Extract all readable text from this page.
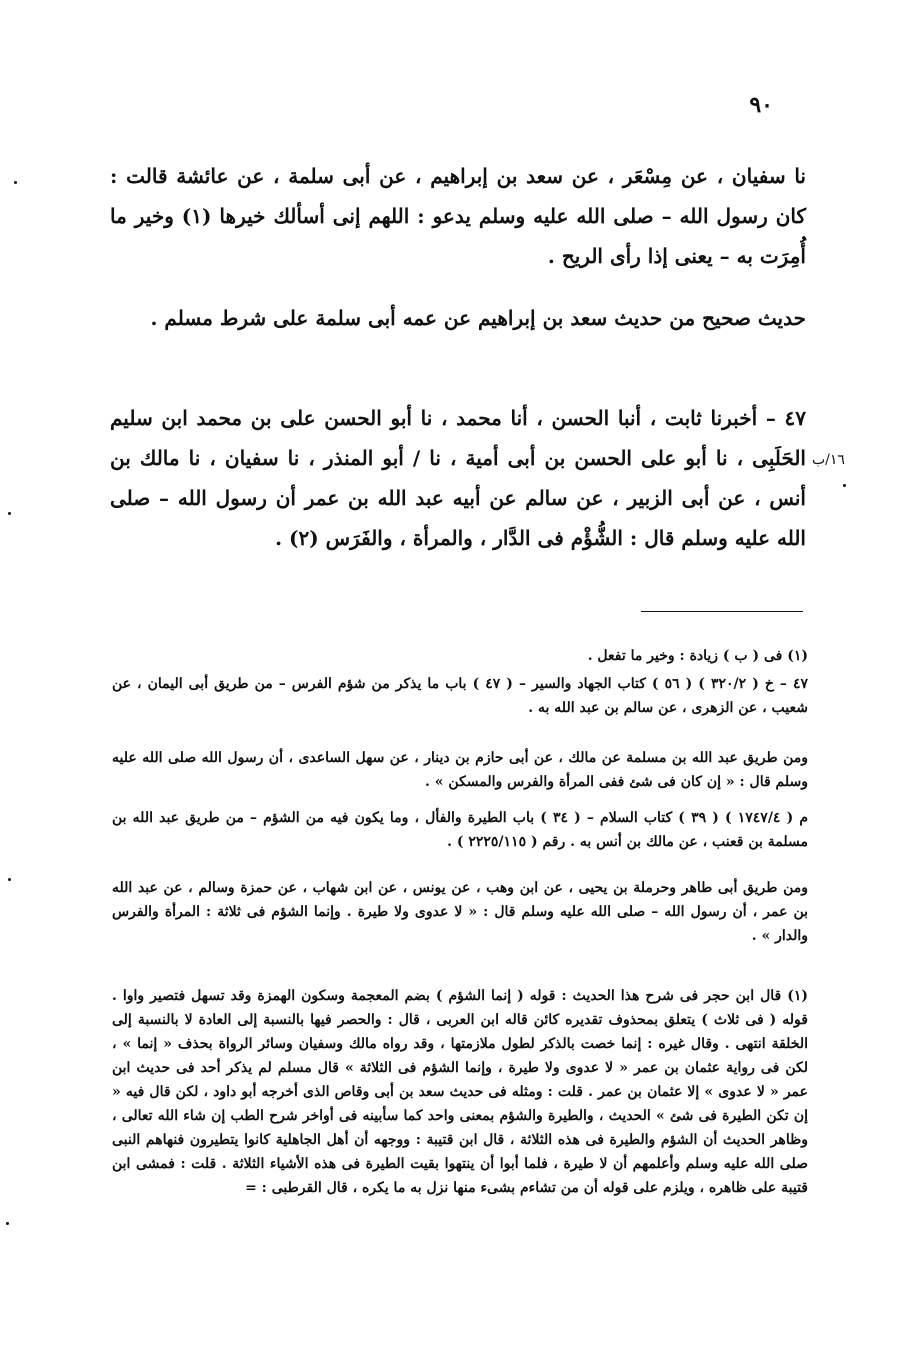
٩٠
نا سفيان ، عن مِسْعَر ، عن سعد بن إبراهيم ، عن أبى سلمة ، عن عائشة قالت : كان رسول الله – صلى الله عليه وسلم يدعو : اللهم إنى أسألك خيرها (١) وخير ما أُمِرَت به – يعنى إذا رأى الريح .
حديث صحيح من حديث سعد بن إبراهيم عن عمه أبى سلمة على شرط مسلم .
٤٧ – أخبرنا ثابت ، أنبا الحسن ، أنا محمد ، نا أبو الحسن على بن محمد ابن سليم الحَلَبِى ، نا أبو على الحسن بن أبى أمية ، نا / أبو المنذر ، نا سفيان ، نا مالك بن أنس ، عن أبى الزبير ، عن سالم عن أبيه عبد الله بن عمر أن رسول الله – صلى الله عليه وسلم قال : الشُّؤْم فى الدَّار ، والمرأة ، والفَرَس (٢) .
١٦/ب
(١) فى ( ب ) زيادة : وخير ما تفعل .
٤٧ – خ ( ٣٢٠/٢ ) ( ٥٦ ) كتاب الجهاد والسير – ( ٤٧ ) باب ما يذكر من شؤم الفرس – من طريق أبى اليمان ، عن شعيب ، عن الزهرى ، عن سالم بن عبد الله به .
ومن طريق عبد الله بن مسلمة عن مالك ، عن أبى حازم بن دينار ، عن سهل الساعدى ، أن رسول الله صلى الله عليه وسلم قال : « إن كان فى شئ ففى المرأة والفرس والمسكن » .
م ( ١٧٤٧/٤ ) ( ٣٩ ) كتاب السلام – ( ٣٤ ) باب الطيرة والفأل ، وما يكون فيه من الشؤم – من طريق عبد الله بن مسلمة بن قعنب ، عن مالك بن أنس به . رقم ( ٢٢٢٥/١١٥ ) .
ومن طريق أبى طاهر وحرملة بن يحيى ، عن ابن وهب ، عن يونس ، عن ابن شهاب ، عن حمزة وسالم ، عن عبد الله بن عمر ، أن رسول الله – صلى الله عليه وسلم قال : « لا عدوى ولا طيرة . وإنما الشؤم فى ثلاثة : المرأة والفرس والدار » .
(١) قال ابن حجر فى شرح هذا الحديث : قوله ( إنما الشؤم ) بضم المعجمة وسكون الهمزة وقد تسهل فتصير واوا . قوله ( فى ثلاث ) يتعلق بمحذوف تقديره كائن قاله ابن العربى ، قال : والحصر فيها بالنسبة إلى العادة لا بالنسبة إلى الخلقة انتهى . وقال غيره : إنما خصت بالذكر لطول ملازمتها ، وقد رواه مالك وسفيان وسائر الرواة بحذف « إنما » ، لكن فى رواية عثمان بن عمر « لا عدوى ولا طيرة ، وإنما الشؤم فى الثلاثة » قال مسلم لم يذكر أحد فى حديث ابن عمر « لا عدوى » إلا عثمان بن عمر . قلت : ومثله فى حديث سعد بن أبى وقاص الذى أخرجه أبو داود ، لكن قال فيه « إن تكن الطيرة فى شئ » الحديث ، والطيرة والشؤم بمعنى واحد كما سأبينه فى أواخر شرح الطب إن شاء الله تعالى ، وظاهر الحديث أن الشؤم والطيرة فى هذه الثلاثة ، قال ابن قتيبة : ووجهه أن أهل الجاهلية كانوا يتطيرون فنهاهم النبى صلى الله عليه وسلم وأعلمهم أن لا طيرة ، فلما أبوا أن ينتهوا بقيت الطيرة فى هذه الأشياء الثلاثة . قلت : فمشى ابن قتيبة على ظاهره ، ويلزم على قوله أن من تشاءم بشىء منها نزل به ما يكره ، قال القرطبى : =
